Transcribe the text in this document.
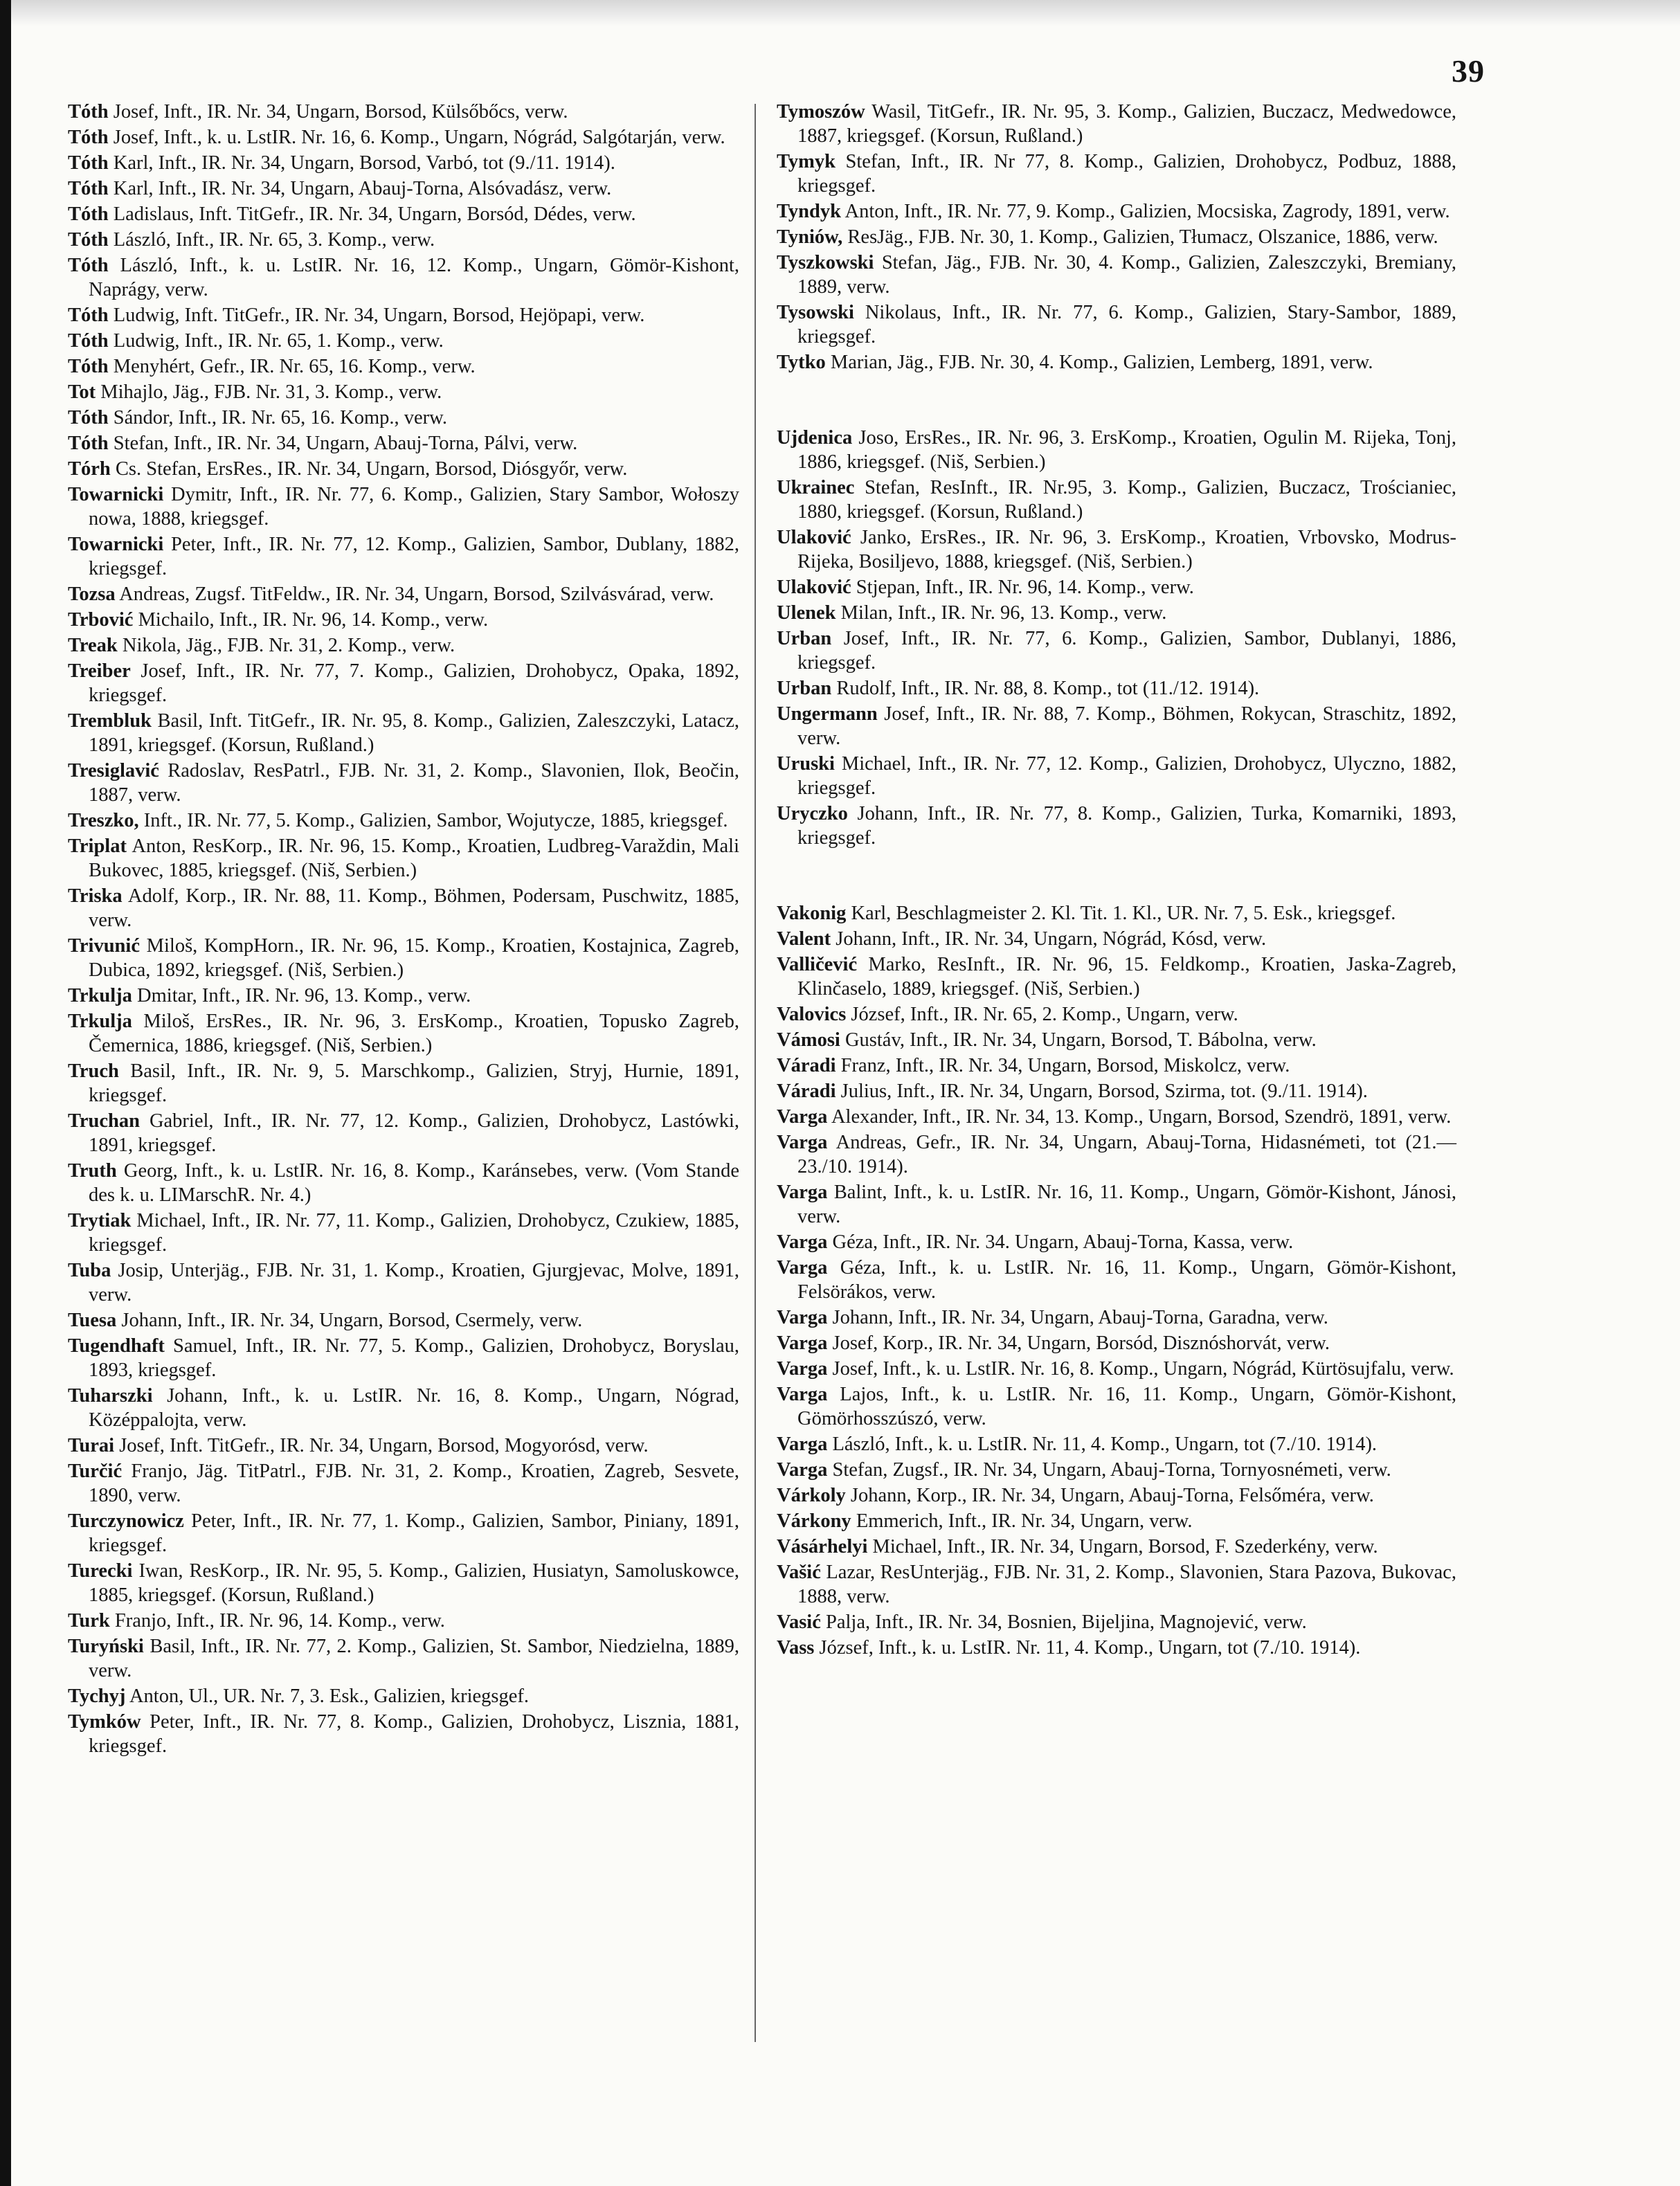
39

Tóth Josef, Inft., IR. Nr. 34, Ungarn, Borsod, Külsőbőcs, verw.

Tóth Josef, Inft., k. u. LstIR. Nr. 16, 6. Komp., Ungarn, Nógrád, Salgótarján, verw.

Tóth Karl, Inft., IR. Nr. 34, Ungarn, Borsod, Varbó, tot (9./11. 1914).

Tóth Karl, Inft., IR. Nr. 34, Ungarn, Abauj-Torna, Alsóvadász, verw.

Tóth Ladislaus, Inft. TitGefr., IR. Nr. 34, Ungarn, Borsód, Dédes, verw.

Tóth László, Inft., IR. Nr. 65, 3. Komp., verw.

Tóth László, Inft., k. u. LstIR. Nr. 16, 12. Komp., Ungarn, Gömör-Kishont, Naprágy, verw.

Tóth Ludwig, Inft. TitGefr., IR. Nr. 34, Ungarn, Borsod, Hejöpapi, verw.

Tóth Ludwig, Inft., IR. Nr. 65, 1. Komp., verw.

Tóth Menyhért, Gefr., IR. Nr. 65, 16. Komp., verw.

Tot Mihajlo, Jäg., FJB. Nr. 31, 3. Komp., verw.

Tóth Sándor, Inft., IR. Nr. 65, 16. Komp., verw.

Tóth Stefan, Inft., IR. Nr. 34, Ungarn, Abauj-Torna, Pálvi, verw.

Tórh Cs. Stefan, ErsRes., IR. Nr. 34, Ungarn, Borsod, Diósgyőr, verw.

Towarnicki Dymitr, Inft., IR. Nr. 77, 6. Komp., Galizien, Stary Sambor, Wołoszy nowa, 1888, kriegsgef.

Towarnicki Peter, Inft., IR. Nr. 77, 12. Komp., Galizien, Sambor, Dublany, 1882, kriegsgef.

Tozsa Andreas, Zugsf. TitFeldw., IR. Nr. 34, Ungarn, Borsod, Szilvásvárad, verw.

Trbović Michailo, Inft., IR. Nr. 96, 14. Komp., verw.

Treak Nikola, Jäg., FJB. Nr. 31, 2. Komp., verw.

Treiber Josef, Inft., IR. Nr. 77, 7. Komp., Galizien, Drohobycz, Opaka, 1892, kriegsgef.

Trembluk Basil, Inft. TitGefr., IR. Nr. 95, 8. Komp., Galizien, Zaleszczyki, Latacz, 1891, kriegsgef. (Korsun, Rußland.)

Tresiglavić Radoslav, ResPatrl., FJB. Nr. 31, 2. Komp., Slavonien, Ilok, Beočin, 1887, verw.

Treszko, Inft., IR. Nr. 77, 5. Komp., Galizien, Sambor, Wojutycze, 1885, kriegsgef.

Triplat Anton, ResKorp., IR. Nr. 96, 15. Komp., Kroatien, Ludbreg-Varaždin, Mali Bukovec, 1885, kriegsgef. (Niš, Serbien.)

Triska Adolf, Korp., IR. Nr. 88, 11. Komp., Böhmen, Podersam, Puschwitz, 1885, verw.

Trivunić Miloš, KompHorn., IR. Nr. 96, 15. Komp., Kroatien, Kostajnica, Zagreb, Dubica, 1892, kriegsgef. (Niš, Serbien.)

Trkulja Dmitar, Inft., IR. Nr. 96, 13. Komp., verw.

Trkulja Miloš, ErsRes., IR. Nr. 96, 3. ErsKomp., Kroatien, Topusko Zagreb, Čemernica, 1886, kriegsgef. (Niš, Serbien.)

Truch Basil, Inft., IR. Nr. 9, 5. Marschkomp., Galizien, Stryj, Hurnie, 1891, kriegsgef.

Truchan Gabriel, Inft., IR. Nr. 77, 12. Komp., Galizien, Drohobycz, Lastówki, 1891, kriegsgef.

Truth Georg, Inft., k. u. LstIR. Nr. 16, 8. Komp., Karánsebes, verw. (Vom Stande des k. u. LIMarschR. Nr. 4.)

Trytiak Michael, Inft., IR. Nr. 77, 11. Komp., Galizien, Drohobycz, Czukiew, 1885, kriegsgef.

Tuba Josip, Unterjäg., FJB. Nr. 31, 1. Komp., Kroatien, Gjurgjevac, Molve, 1891, verw.

Tuesa Johann, Inft., IR. Nr. 34, Ungarn, Borsod, Csermely, verw.

Tugendhaft Samuel, Inft., IR. Nr. 77, 5. Komp., Galizien, Drohobycz, Boryslau, 1893, kriegsgef.

Tuharszki Johann, Inft., k. u. LstIR. Nr. 16, 8. Komp., Ungarn, Nógrad, Középpalojta, verw.

Turai Josef, Inft. TitGefr., IR. Nr. 34, Ungarn, Borsod, Mogyorósd, verw.

Turčić Franjo, Jäg. TitPatrl., FJB. Nr. 31, 2. Komp., Kroatien, Zagreb, Sesvete, 1890, verw.

Turczynowicz Peter, Inft., IR. Nr. 77, 1. Komp., Galizien, Sambor, Piniany, 1891, kriegsgef.

Turecki Iwan, ResKorp., IR. Nr. 95, 5. Komp., Galizien, Husiatyn, Samoluskowce, 1885, kriegsgef. (Korsun, Rußland.)

Turk Franjo, Inft., IR. Nr. 96, 14. Komp., verw.

Turyński Basil, Inft., IR. Nr. 77, 2. Komp., Galizien, St. Sambor, Niedzielna, 1889, verw.

Tychyj Anton, Ul., UR. Nr. 7, 3. Esk., Galizien, kriegsgef.

Tymków Peter, Inft., IR. Nr. 77, 8. Komp., Galizien, Drohobycz, Lisznia, 1881, kriegsgef.

Tymoszów Wasil, TitGefr., IR. Nr. 95, 3. Komp., Galizien, Buczacz, Medwedowce, 1887, kriegsgef. (Korsun, Rußland.)

Tymyk Stefan, Inft., IR. Nr 77, 8. Komp., Galizien, Drohobycz, Podbuz, 1888, kriegsgef.

Tyndyk Anton, Inft., IR. Nr. 77, 9. Komp., Galizien, Mocsiska, Zagrody, 1891, verw.

Tyniów, ResJäg., FJB. Nr. 30, 1. Komp., Galizien, Tłumacz, Olszanice, 1886, verw.

Tyszkowski Stefan, Jäg., FJB. Nr. 30, 4. Komp., Galizien, Zaleszczyki, Bremiany, 1889, verw.

Tysowski Nikolaus, Inft., IR. Nr. 77, 6. Komp., Galizien, Stary-Sambor, 1889, kriegsgef.

Tytko Marian, Jäg., FJB. Nr. 30, 4. Komp., Galizien, Lemberg, 1891, verw.

Ujdenica Joso, ErsRes., IR. Nr. 96, 3. ErsKomp., Kroatien, Ogulin M. Rijeka, Tonj, 1886, kriegsgef. (Niš, Serbien.)

Ukrainec Stefan, ResInft., IR. Nr.95, 3. Komp., Galizien, Buczacz, Trościaniec, 1880, kriegsgef. (Korsun, Rußland.)

Ulaković Janko, ErsRes., IR. Nr. 96, 3. ErsKomp., Kroatien, Vrbovsko, Modrus-Rijeka, Bosiljevo, 1888, kriegsgef. (Niš, Serbien.)

Ulaković Stjepan, Inft., IR. Nr. 96, 14. Komp., verw.

Ulenek Milan, Inft., IR. Nr. 96, 13. Komp., verw.

Urban Josef, Inft., IR. Nr. 77, 6. Komp., Galizien, Sambor, Dublanyi, 1886, kriegsgef.

Urban Rudolf, Inft., IR. Nr. 88, 8. Komp., tot (11./12. 1914).

Ungermann Josef, Inft., IR. Nr. 88, 7. Komp., Böhmen, Rokycan, Straschitz, 1892, verw.

Uruski Michael, Inft., IR. Nr. 77, 12. Komp., Galizien, Drohobycz, Ulyczno, 1882, kriegsgef.

Uryczko Johann, Inft., IR. Nr. 77, 8. Komp., Galizien, Turka, Komarniki, 1893, kriegsgef.

Vakonig Karl, Beschlagmeister 2. Kl. Tit. 1. Kl., UR. Nr. 7, 5. Esk., kriegsgef.

Valent Johann, Inft., IR. Nr. 34, Ungarn, Nógrád, Kósd, verw.

Valličević Marko, ResInft., IR. Nr. 96, 15. Feldkomp., Kroatien, Jaska-Zagreb, Klinčaselo, 1889, kriegsgef. (Niš, Serbien.)

Valovics József, Inft., IR. Nr. 65, 2. Komp., Ungarn, verw.

Vámosi Gustáv, Inft., IR. Nr. 34, Ungarn, Borsod, T. Bábolna, verw.

Váradi Franz, Inft., IR. Nr. 34, Ungarn, Borsod, Miskolcz, verw.

Váradi Julius, Inft., IR. Nr. 34, Ungarn, Borsod, Szirma, tot. (9./11. 1914).

Varga Alexander, Inft., IR. Nr. 34, 13. Komp., Ungarn, Borsod, Szendrö, 1891, verw.

Varga Andreas, Gefr., IR. Nr. 34, Ungarn, Abauj-Torna, Hidasnémeti, tot (21.—23./10. 1914).

Varga Balint, Inft., k. u. LstIR. Nr. 16, 11. Komp., Ungarn, Gömör-Kishont, Jánosi, verw.

Varga Géza, Inft., IR. Nr. 34. Ungarn, Abauj-Torna, Kassa, verw.

Varga Géza, Inft., k. u. LstIR. Nr. 16, 11. Komp., Ungarn, Gömör-Kishont, Felsörákos, verw.

Varga Johann, Inft., IR. Nr. 34, Ungarn, Abauj-Torna, Garadna, verw.

Varga Josef, Korp., IR. Nr. 34, Ungarn, Borsód, Disznóshorvát, verw.

Varga Josef, Inft., k. u. LstIR. Nr. 16, 8. Komp., Ungarn, Nógrád, Kürtösujfalu, verw.

Varga Lajos, Inft., k. u. LstIR. Nr. 16, 11. Komp., Ungarn, Gömör-Kishont, Gömörhosszúszó, verw.

Varga László, Inft., k. u. LstIR. Nr. 11, 4. Komp., Ungarn, tot (7./10. 1914).

Varga Stefan, Zugsf., IR. Nr. 34, Ungarn, Abauj-Torna, Tornyosnémeti, verw.

Várkoly Johann, Korp., IR. Nr. 34, Ungarn, Abauj-Torna, Felsőméra, verw.

Várkony Emmerich, Inft., IR. Nr. 34, Ungarn, verw.

Vásárhelyi Michael, Inft., IR. Nr. 34, Ungarn, Borsod, F. Szederkény, verw.

Vašić Lazar, ResUnterjäg., FJB. Nr. 31, 2. Komp., Slavonien, Stara Pazova, Bukovac, 1888, verw.

Vasić Palja, Inft., IR. Nr. 34, Bosnien, Bijeljina, Magnojević, verw.

Vass József, Inft., k. u. LstIR. Nr. 11, 4. Komp., Ungarn, tot (7./10. 1914).
